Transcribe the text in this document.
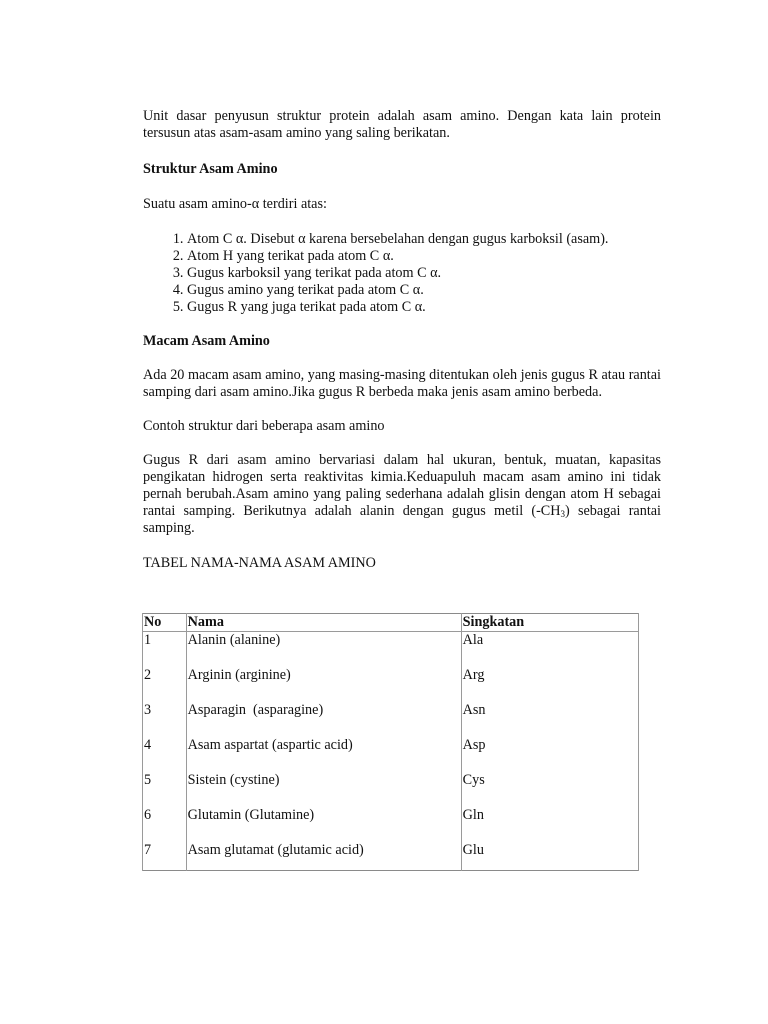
Unit dasar penyusun struktur protein adalah asam amino. Dengan kata lain protein tersusun atas asam-asam amino yang saling berikatan.

Struktur Asam Amino

Suatu asam amino-α terdiri atas:

1. Atom C α. Disebut α karena bersebelahan dengan gugus karboksil (asam).
2. Atom H yang terikat pada atom C α.
3. Gugus karboksil yang terikat pada atom C α.
4. Gugus amino yang terikat pada atom C α.
5. Gugus R yang juga terikat pada atom C α.

Macam Asam Amino

Ada 20 macam asam amino, yang masing-masing ditentukan oleh jenis gugus R atau rantai samping dari asam amino.Jika gugus R berbeda maka jenis asam amino berbeda.

Contoh struktur dari beberapa asam amino

Gugus R dari asam amino bervariasi dalam hal ukuran, bentuk, muatan, kapasitas pengikatan hidrogen serta reaktivitas kimia.Keduapuluh macam asam amino ini tidak pernah berubah.Asam amino yang paling sederhana adalah glisin dengan atom H sebagai rantai samping. Berikutnya adalah alanin dengan gugus metil $(-CH_3)$ sebagai rantai samping.

TABEL NAMA-NAMA ASAM AMINO

No	Nama	Singkatan
1	Alanin (alanine)	Ala
2	Arginin (arginine)	Arg
3	Asparagin  (asparagine)	Asn
4	Asam aspartat (aspartic acid)	Asp
5	Sistein (cystine)	Cys
6	Glutamin (Glutamine)	Gln
7	Asam glutamat (glutamic acid)	Glu
